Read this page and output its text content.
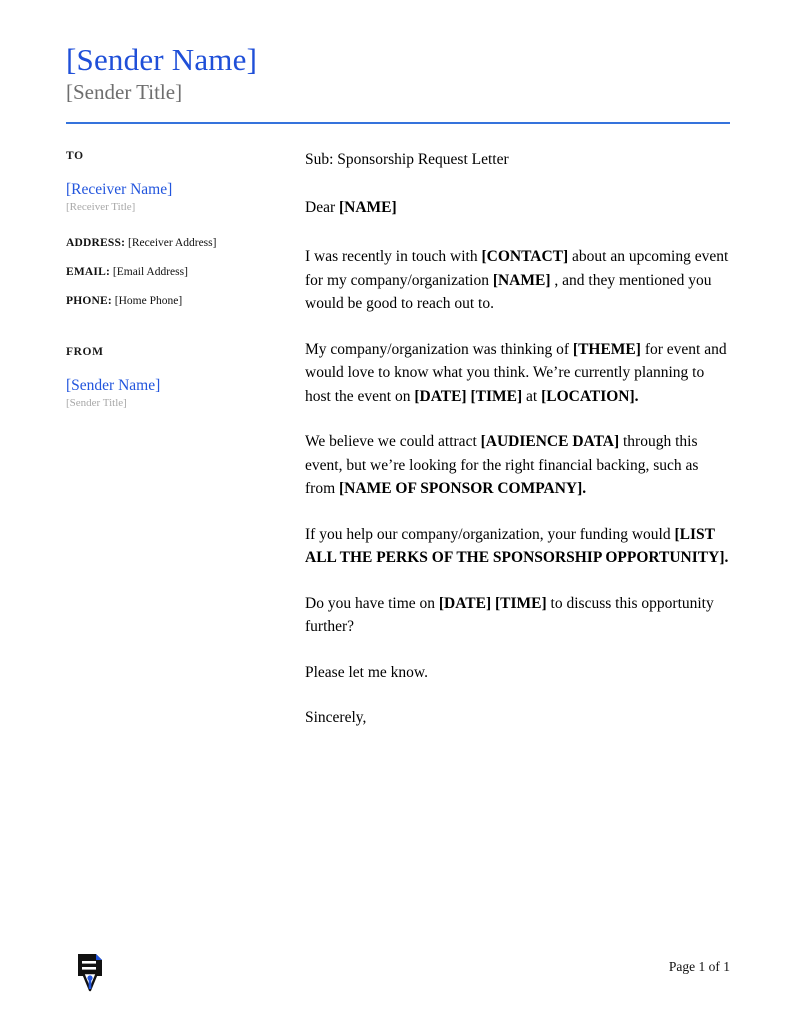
[Sender Name]
[Sender Title]
TO
[Receiver Name]
[Receiver Title]
ADDRESS: [Receiver Address]
EMAIL: [Email Address]
PHONE: [Home Phone]
FROM
[Sender Name]
[Sender Title]

Sub: Sponsorship Request Letter

Dear [NAME]

I was recently in touch with [CONTACT] about an upcoming event for my company/organization [NAME] , and they mentioned you would be good to reach out to.

My company/organization was thinking of [THEME] for event and would love to know what you think. We’re currently planning to host the event on [DATE] [TIME] at [LOCATION].

We believe we could attract [AUDIENCE DATA] through this event, but we’re looking for the right financial backing, such as from [NAME OF SPONSOR COMPANY].

If you help our company/organization, your funding would [LIST ALL THE PERKS OF THE SPONSORSHIP OPPORTUNITY].

Do you have time on [DATE] [TIME] to discuss this opportunity further?

Please let me know.

Sincerely,

Page 1 of 1
